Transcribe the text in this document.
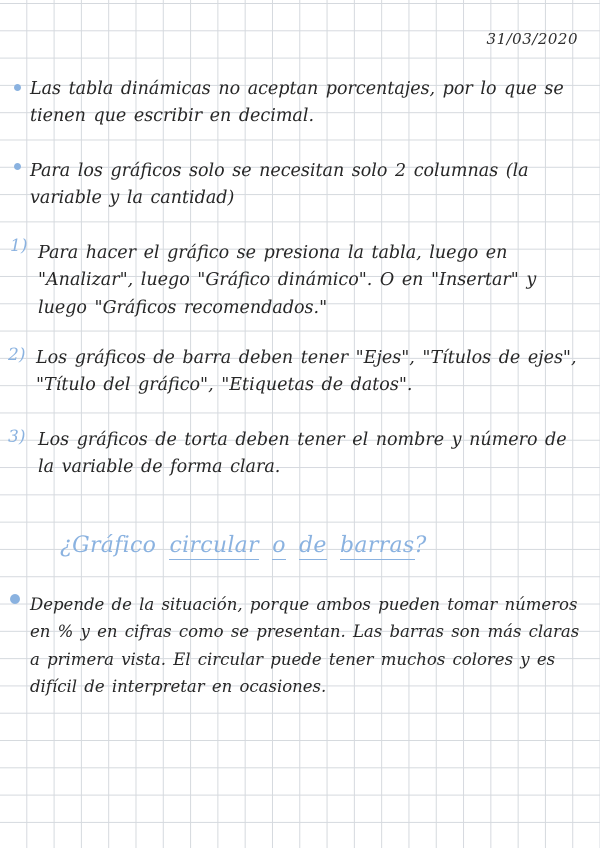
31/03/2020
Las tabla dinámicas no aceptan porcentajes, por lo que se tienen que escribir en decimal.
Para los gráficos solo se necesitan solo 2 columnas (la variable y la cantidad)
1) Para hacer el gráfico se presiona la tabla, luego en "Analizar", luego "Gráfico dinámico". O en "Insertar" y luego "Gráficos recomendados."
2) Los gráficos de barra deben tener "Ejes", "Títulos de ejes", "Título del gráfico", "Etiquetas de datos".
3) Los gráficos de torta deben tener el nombre y número de la variable de forma clara.
¿Gráfico circular o de barras?
Depende de la situación, porque ambos pueden tomar números en % y en cifras como se presentan. Las barras son más claras a primera vista. El circular puede tener muchos colores y es difícil de interpretar en ocasiones.
